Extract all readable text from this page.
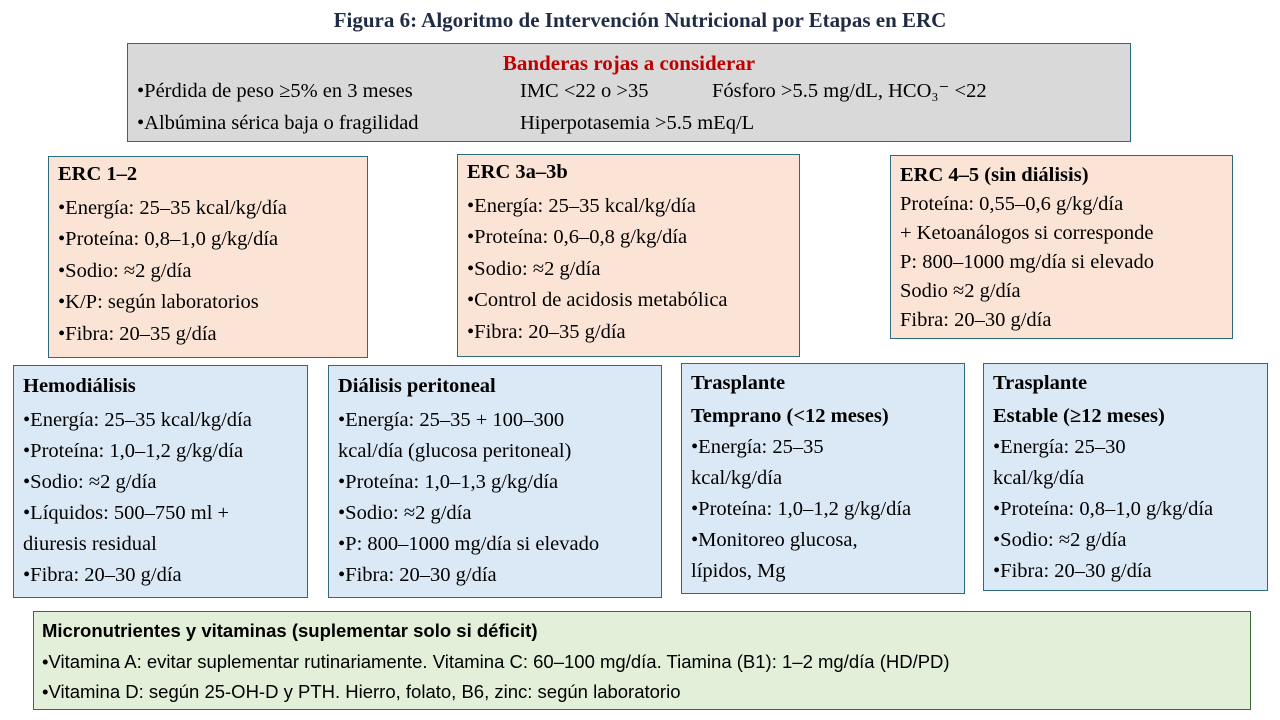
Figura 6: Algoritmo de Intervención Nutricional por Etapas en ERC
Banderas rojas a considerar
•Pérdida de peso ≥5% en 3 meses	IMC <22 o >35	Fósforo >5.5 mg/dL, HCO₃⁻ <22
•Albúmina sérica baja o fragilidad	Hiperpotasemia >5.5 mEq/L
ERC 1–2
•Energía: 25–35 kcal/kg/día
•Proteína: 0,8–1,0 g/kg/día
•Sodio: ≈2 g/día
•K/P: según laboratorios
•Fibra: 20–35 g/día
ERC 3a–3b
•Energía: 25–35 kcal/kg/día
•Proteína: 0,6–0,8 g/kg/día
•Sodio: ≈2 g/día
•Control de acidosis metabólica
•Fibra: 20–35 g/día
ERC 4–5 (sin diálisis)
Proteína: 0,55–0,6 g/kg/día
+ Ketoanálogos si corresponde
P: 800–1000 mg/día si elevado
Sodio ≈2 g/día
Fibra: 20–30 g/día
Hemodiálisis
•Energía: 25–35 kcal/kg/día
•Proteína: 1,0–1,2 g/kg/día
•Sodio: ≈2 g/día
•Líquidos: 500–750 ml + diuresis residual
•Fibra: 20–30 g/día
Diálisis peritoneal
•Energía: 25–35 + 100–300 kcal/día (glucosa peritoneal)
•Proteína: 1,0–1,3 g/kg/día
•Sodio: ≈2 g/día
•P: 800–1000 mg/día si elevado
•Fibra: 20–30 g/día
Trasplante
Temprano (<12 meses)
•Energía: 25–35 kcal/kg/día
•Proteína: 1,0–1,2 g/kg/día
•Monitoreo glucosa, lípidos, Mg
Trasplante
Estable (≥12 meses)
•Energía: 25–30 kcal/kg/día
•Proteína: 0,8–1,0 g/kg/día
•Sodio: ≈2 g/día
•Fibra: 20–30 g/día
Micronutrientes y vitaminas (suplementar solo si déficit)
•Vitamina A: evitar suplementar rutinariamente. Vitamina C: 60–100 mg/día. Tiamina (B1): 1–2 mg/día (HD/PD)
•Vitamina D: según 25-OH-D y PTH. Hierro, folato, B6, zinc: según laboratorio
